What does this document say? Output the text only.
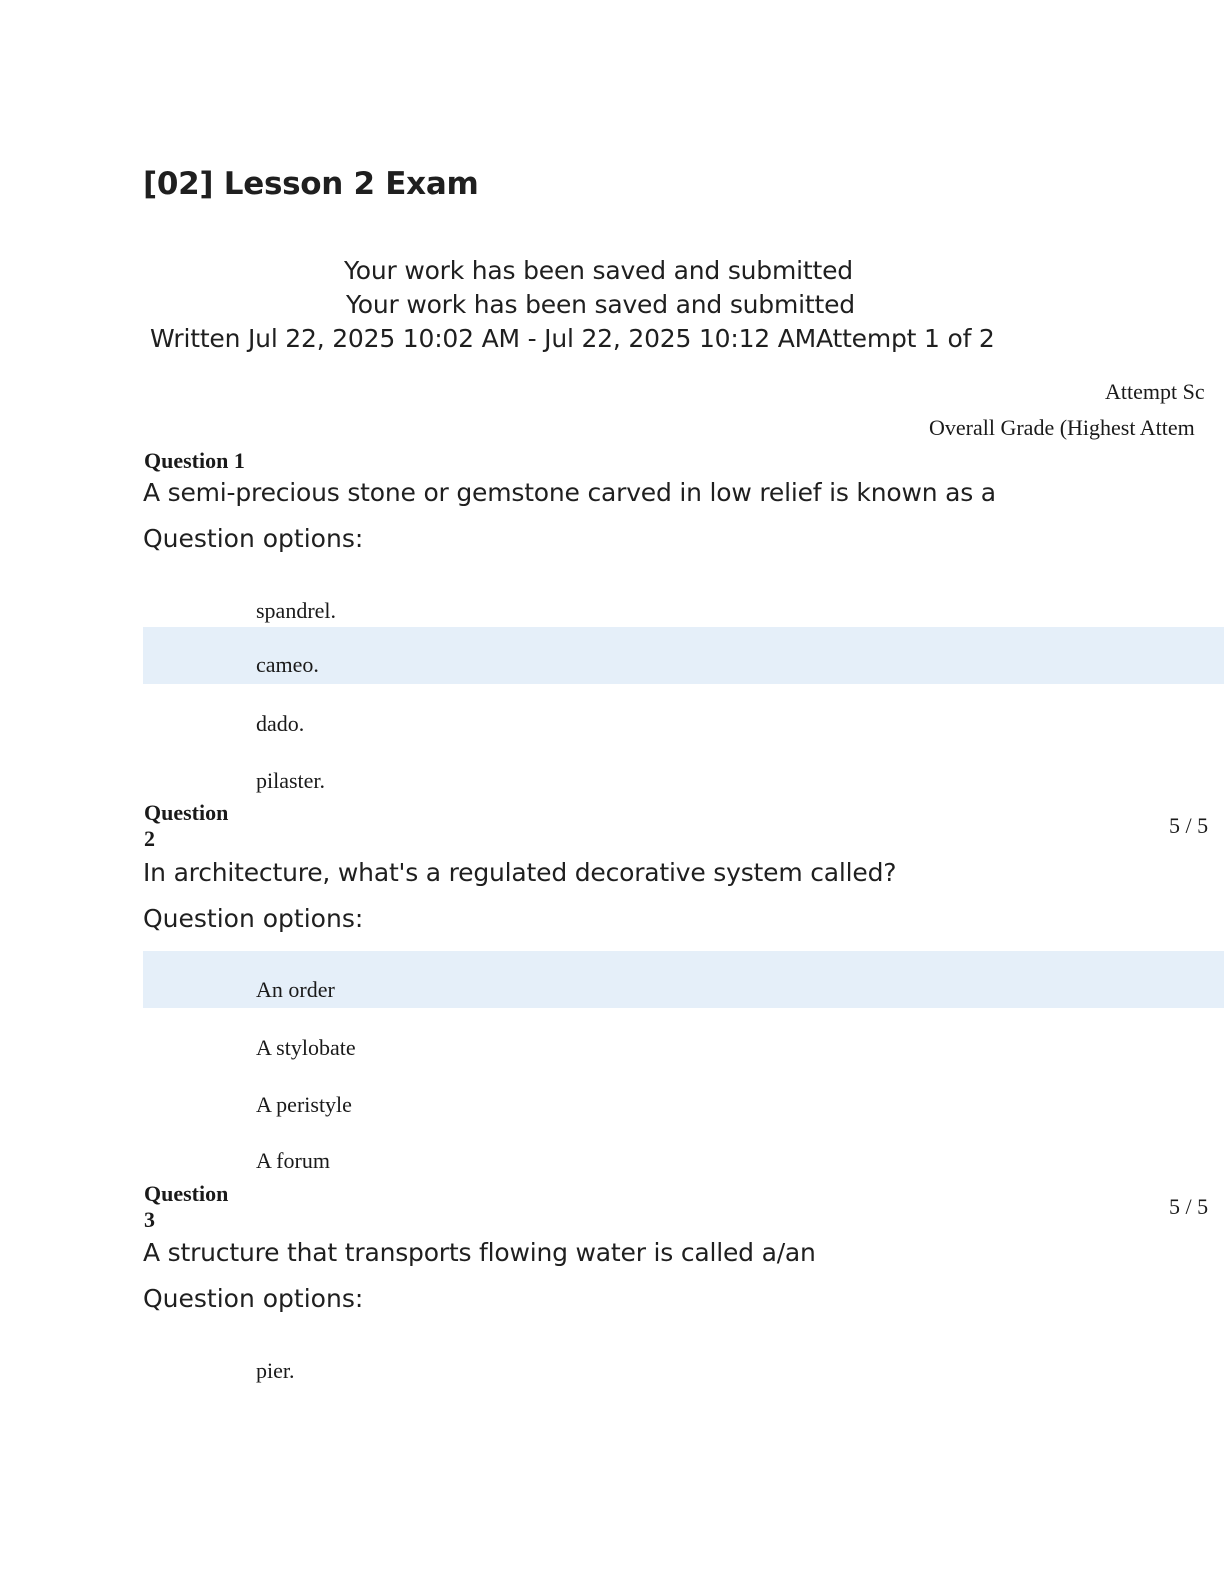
[02] Lesson 2 Exam
Your work has been saved and submitted
Your work has been saved and submitted
Written Jul 22, 2025 10:02 AM - Jul 22, 2025 10:12 AMAttempt 1 of 2
Attempt Sc
Overall Grade (Highest Attem
Question 1
A semi-precious stone or gemstone carved in low relief is known as a
Question options:
spandrel.
cameo.
dado.
pilaster.
Question
2
5 / 5
In architecture, what's a regulated decorative system called?
Question options:
An order
A stylobate
A peristyle
A forum
Question
3
5 / 5
A structure that transports flowing water is called a/an
Question options:
pier.
